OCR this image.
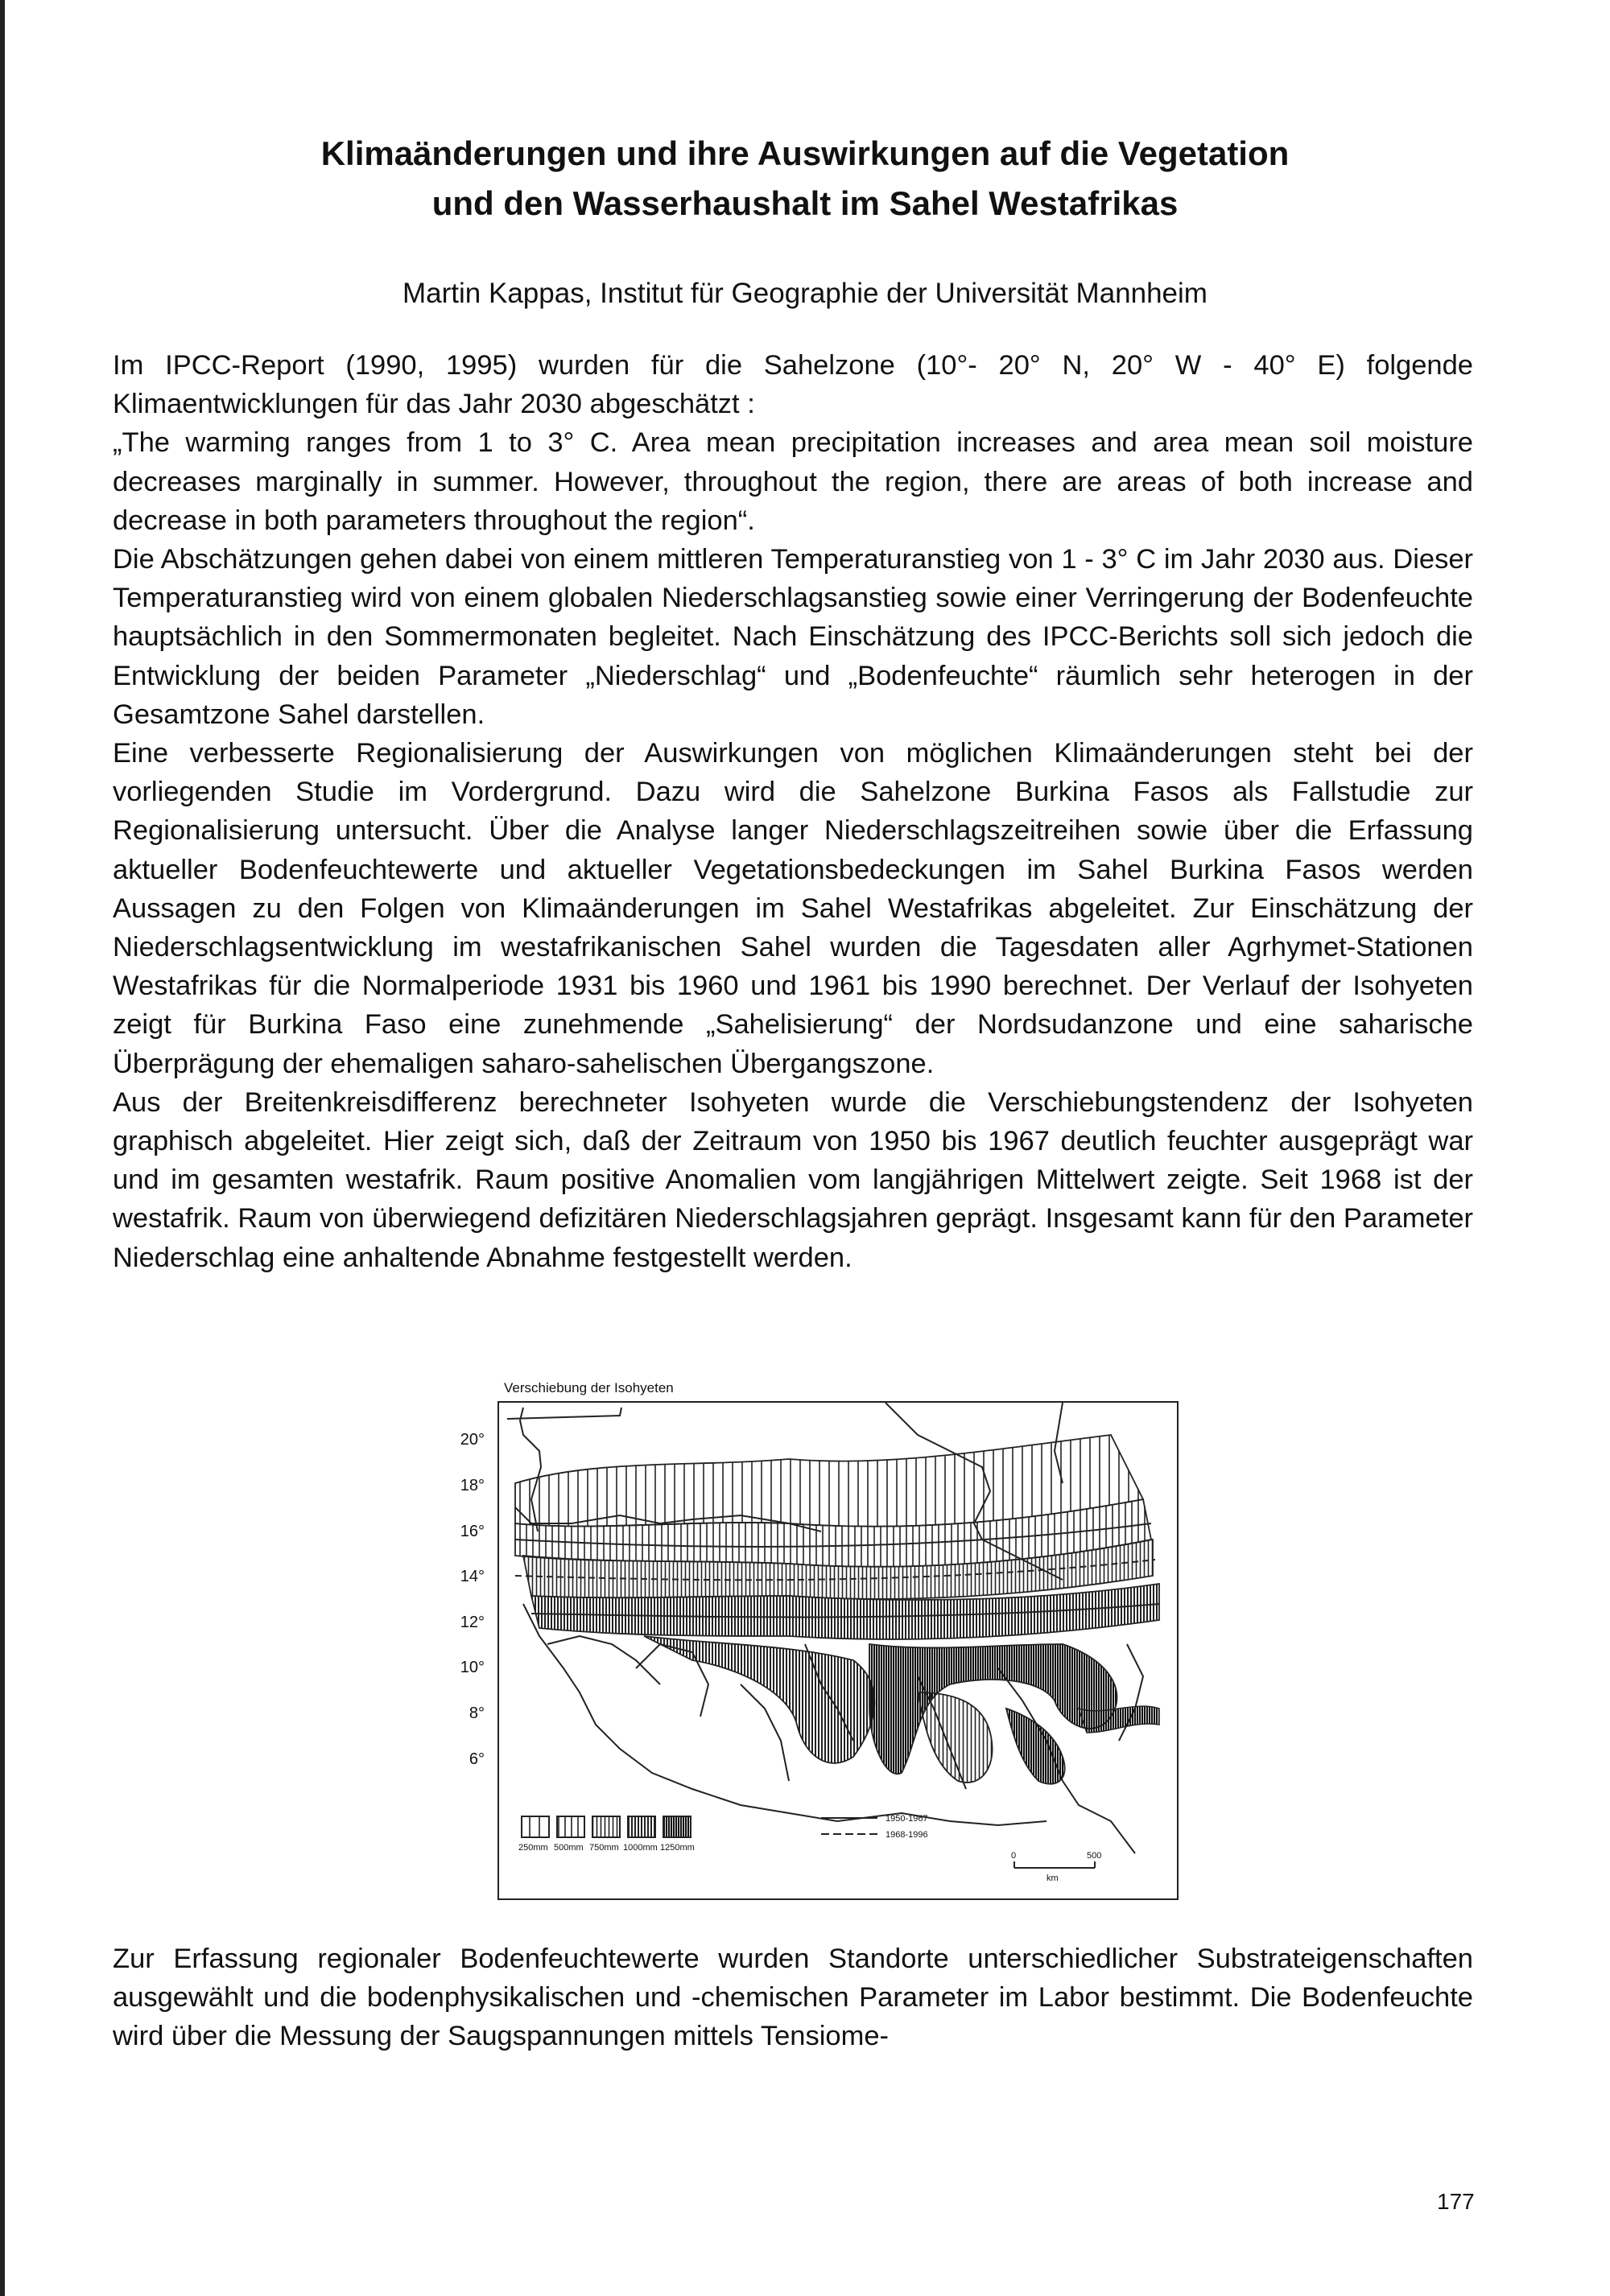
Klimaänderungen und ihre Auswirkungen auf die Vegetation
und den Wasserhaushalt im Sahel Westafrikas
Martin Kappas, Institut für Geographie der Universität Mannheim

Im IPCC-Report (1990, 1995) wurden für die Sahelzone (10°- 20° N, 20° W - 40° E) folgende Klimaentwicklungen für das Jahr 2030 abgeschätzt :

„The warming ranges from 1 to 3° C. Area mean precipitation increases and area mean soil moisture decreases marginally in summer. However, throughout the region, there are areas of both increase and decrease in both parameters throughout the region“.

Die Abschätzungen gehen dabei von einem mittleren Temperaturanstieg von 1 - 3° C im Jahr 2030 aus. Dieser Temperaturanstieg wird von einem globalen Niederschlagsanstieg sowie einer Verringerung der Bodenfeuchte hauptsächlich in den Sommermonaten begleitet. Nach Einschätzung des IPCC-Berichts soll sich jedoch die Entwicklung der beiden Parameter „Niederschlag“ und „Bodenfeuchte“ räumlich sehr heterogen in der Gesamtzone Sahel darstellen.

Eine verbesserte Regionalisierung der Auswirkungen von möglichen Klimaänderungen steht bei der vorliegenden Studie im Vordergrund. Dazu wird die Sahelzone Burkina Fasos als Fallstudie zur Regionalisierung untersucht. Über die Analyse langer Niederschlagszeitreihen sowie über die Erfassung aktueller Bodenfeuchtewerte und aktueller Vegetationsbedeckungen im Sahel Burkina Fasos werden Aussagen zu den Folgen von Klimaänderungen im Sahel Westafrikas abgeleitet. Zur Einschätzung der Niederschlagsentwicklung im westafrikanischen Sahel wurden die Tagesdaten aller Agrhymet-Stationen Westafrikas für die Normalperiode 1931 bis 1960 und 1961 bis 1990 berechnet. Der Verlauf der Isohyeten zeigt für Burkina Faso eine zunehmende „Sahelisierung“ der Nordsudanzone und eine saharische Überprägung der ehemaligen saharo-sahelischen Übergangszone.

Aus der Breitenkreisdifferenz berechneter Isohyeten wurde die Verschiebungstendenz der Isohyeten graphisch abgeleitet. Hier zeigt sich, daß der Zeitraum von 1950 bis 1967 deutlich feuchter ausgeprägt war und im gesamten westafrik. Raum positive Anomalien vom langjährigen Mittelwert zeigte. Seit 1968 ist der westafrik. Raum von überwiegend defizitären Niederschlagsjahren geprägt. Insgesamt kann für den Parameter Niederschlag eine anhaltende Abnahme festgestellt werden.

Verschiebung der Isohyeten
20°
18°
16°
14°
12°
10°
8°
6°
250mm 500mm 750mm 1000mm 1250mm
1950-1967
1968-1996
0	500
km

Zur Erfassung regionaler Bodenfeuchtewerte wurden Standorte unterschiedlicher Substrateigenschaften ausgewählt und die bodenphysikalischen und -chemischen Parameter im Labor bestimmt. Die Bodenfeuchte wird über die Messung der Saugspannungen mittels Tensiome-

177
